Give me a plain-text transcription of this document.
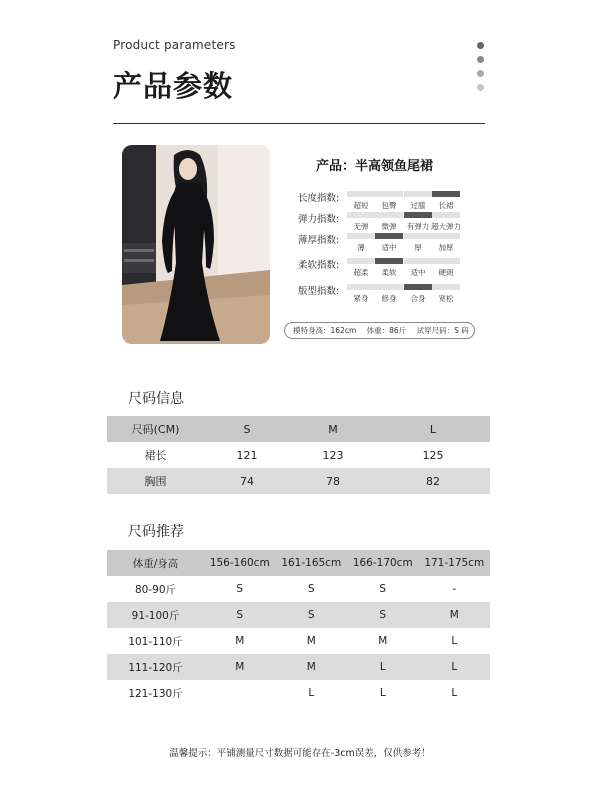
Product parameters
产品参数
产品：半高领鱼尾裙
长度指数:
超短	包臀	过膝	长裙
弹力指数:
无弹	微弹	有弹力 超大弹力
薄厚指数:
薄	适中	厚	加厚
柔软指数:
超柔	柔软	适中	硬朗
版型指数:
紧身	修身	合身	宽松
模特身高：162cm 体重：86斤 试穿尺码：S 码
尺码信息
尺码(CM)	S	M	L
裙长	121	123	125
胸围	74	78	82
尺码推荐
体重/身高	156-160cm	161-165cm	166-170cm	171-175cm
80-90斤	S	S	S	-
91-100斤	S	S	S	M
101-110斤	M	M	M	L
111-120斤	M	M	L	L
121-130斤		L	L	L
温馨提示：平铺测量尺寸数据可能存在-3cm误差，仅供参考！
